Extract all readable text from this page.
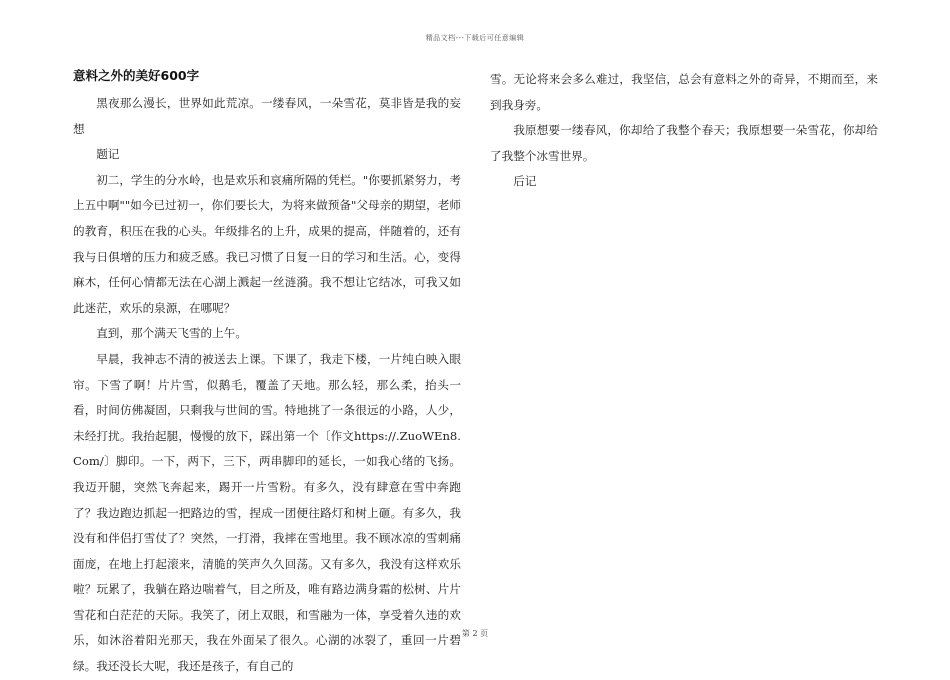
精品文档---下载后可任意编辑
意料之外的美好600字

黑夜那么漫长，世界如此荒凉。一缕春风，一朵雪花，莫非皆是我的妄想

题记

初二，学生的分水岭，也是欢乐和哀痛所隔的凭栏。"你要抓紧努力，考上五中啊""如今已过初一，你们要长大，为将来做预备"父母亲的期望，老师的教育，积压在我的心头。年级排名的上升，成果的提高，伴随着的，还有我与日俱增的压力和疲乏感。我已习惯了日复一日的学习和生活。心，变得麻木，任何心情都无法在心湖上溅起一丝涟漪。我不想让它结冰，可我又如此迷茫，欢乐的泉源，在哪呢？

直到，那个满天飞雪的上午。

早晨，我神志不清的被送去上课。下课了，我走下楼，一片纯白映入眼帘。下雪了啊！片片雪，似鹅毛，覆盖了天地。那么轻，那么柔，抬头一看，时间仿佛凝固，只剩我与世间的雪。特地挑了一条很远的小路，人少，未经打扰。我抬起腿，慢慢的放下，踩出第一个〔作文https://.ZuoWEn8.Com/〕脚印。一下，两下，三下，两串脚印的延长，一如我心绪的飞扬。我迈开腿，突然飞奔起来，踢开一片雪粉。有多久，没有肆意在雪中奔跑了？我边跑边抓起一把路边的雪，捏成一团便往路灯和树上砸。有多久，我没有和伴侣打雪仗了？突然，一打滑，我摔在雪地里。我不顾冰凉的雪刺痛面庞，在地上打起滚来，清脆的笑声久久回荡。又有多久，我没有这样欢乐啦？玩累了，我躺在路边喘着气，目之所及，唯有路边满身霜的松树、片片雪花和白茫茫的天际。我笑了，闭上双眼，和雪融为一体，享受着久违的欢乐，如沐浴着阳光那天，我在外面呆了很久。心湖的冰裂了，重回一片碧绿。我还没长大呢，我还是孩子，有自己的

雪。无论将来会多么难过，我坚信，总会有意料之外的奇异，不期而至，来到我身旁。

我原想要一缕春风，你却给了我整个春天；我原想要一朵雪花，你却给了我整个冰雪世界。

后记

第 2 页
